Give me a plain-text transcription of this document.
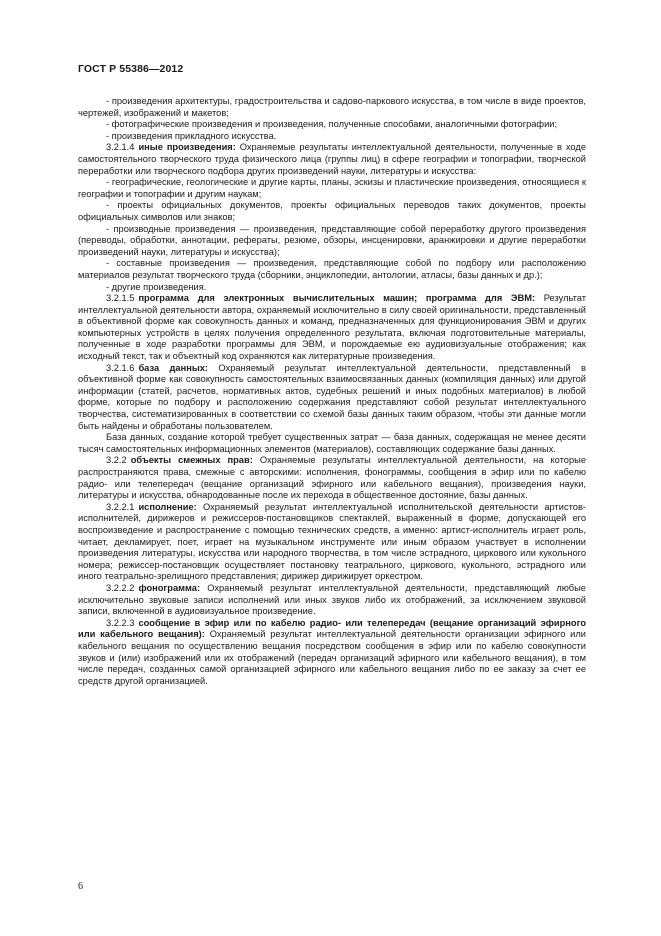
ГОСТ Р 55386—2012

- произведения архитектуры, градостроительства и садово-паркового искусства, в том числе в виде проектов, чертежей, изображений и макетов;

- фотографические произведения и произведения, полученные способами, аналогичными фотографии;

- произведения прикладного искусства.

3.2.1.4 иные произведения: Охраняемые результаты интеллектуальной деятельности, полученные в ходе самостоятельного творческого труда физического лица (группы лиц) в сфере географии и топографии, творческой переработки или творческого подбора других произведений науки, литературы и искусства:

- географические, геологические и другие карты, планы, эскизы и пластические произведения, относящиеся к географии и топографии и другим наукам;

- проекты официальных документов, проекты официальных переводов таких документов, проекты официальных символов или знаков;

- производные произведения — произведения, представляющие собой переработку другого произведения (переводы, обработки, аннотации, рефераты, резюме, обзоры, инсценировки, аранжировки и другие переработки произведений науки, литературы и искусства);

- составные произведения — произведения, представляющие собой по подбору или расположению материалов результат творческого труда (сборники, энциклопедии, антологии, атласы, базы данных и др.);

- другие произведения.

3.2.1.5 программа для электронных вычислительных машин; программа для ЭВМ: Результат интеллектуальной деятельности автора, охраняемый исключительно в силу своей оригинальности, представленный в объективной форме как совокупность данных и команд, предназначенных для функционирования ЭВМ и других компьютерных устройств в целях получения определенного результата, включая подготовительные материалы, полученные в ходе разработки программы для ЭВМ, и порождаемые ею аудиовизуальные отображения; как исходный текст, так и объектный код охраняются как литературные произведения.

3.2.1.6 база данных: Охраняемый результат интеллектуальной деятельности, представленный в объективной форме как совокупность самостоятельных взаимосвязанных данных (компиляция данных) или другой информации (статей, расчетов, нормативных актов, судебных решений и иных подобных материалов) в любой форме, которые по подбору и расположению содержания представляют собой результат интеллектуального творчества, систематизированных в соответствии со схемой базы данных таким образом, чтобы эти данные могли быть найдены и обработаны пользователем.

База данных, создание которой требует существенных затрат — база данных, содержащая не менее десяти тысяч самостоятельных информационных элементов (материалов), составляющих содержание базы данных.

3.2.2 объекты смежных прав: Охраняемые результаты интеллектуальной деятельности, на которые распространяются права, смежные с авторскими: исполнения, фонограммы, сообщения в эфир или по кабелю радио- или телепередач (вещание организаций эфирного или кабельного вещания), произведения науки, литературы и искусства, обнародованные после их перехода в общественное достояние, базы данных.

3.2.2.1 исполнение: Охраняемый результат интеллектуальной исполнительской деятельности артистов-исполнителей, дирижеров и режиссеров-постановщиков спектаклей, выраженный в форме, допускающей его воспроизведение и распространение с помощью технических средств, а именно: артист-исполнитель играет роль, читает, декламирует, поет, играет на музыкальном инструменте или иным образом участвует в исполнении произведения литературы, искусства или народного творчества, в том числе эстрадного, циркового или кукольного номера; режиссер-постановщик осуществляет постановку театрального, циркового, кукольного, эстрадного или иного театрально-зрелищного представления; дирижер дирижирует оркестром.

3.2.2.2 фонограмма: Охраняемый результат интеллектуальной деятельности, представляющий любые исключительно звуковые записи исполнений или иных звуков либо их отображений, за исключением звуковой записи, включенной в аудиовизуальное произведение.

3.2.2.3 сообщение в эфир или по кабелю радио- или телепередач (вещание организаций эфирного или кабельного вещания): Охраняемый результат интеллектуальной деятельности организации эфирного или кабельного вещания по осуществлению вещания посредством сообщения в эфир или по кабелю совокупности звуков и (или) изображений или их отображений (передач организаций эфирного или кабельного вещания), в том числе передач, созданных самой организацией эфирного или кабельного вещания либо по ее заказу за счет ее средств другой организацией.

6
